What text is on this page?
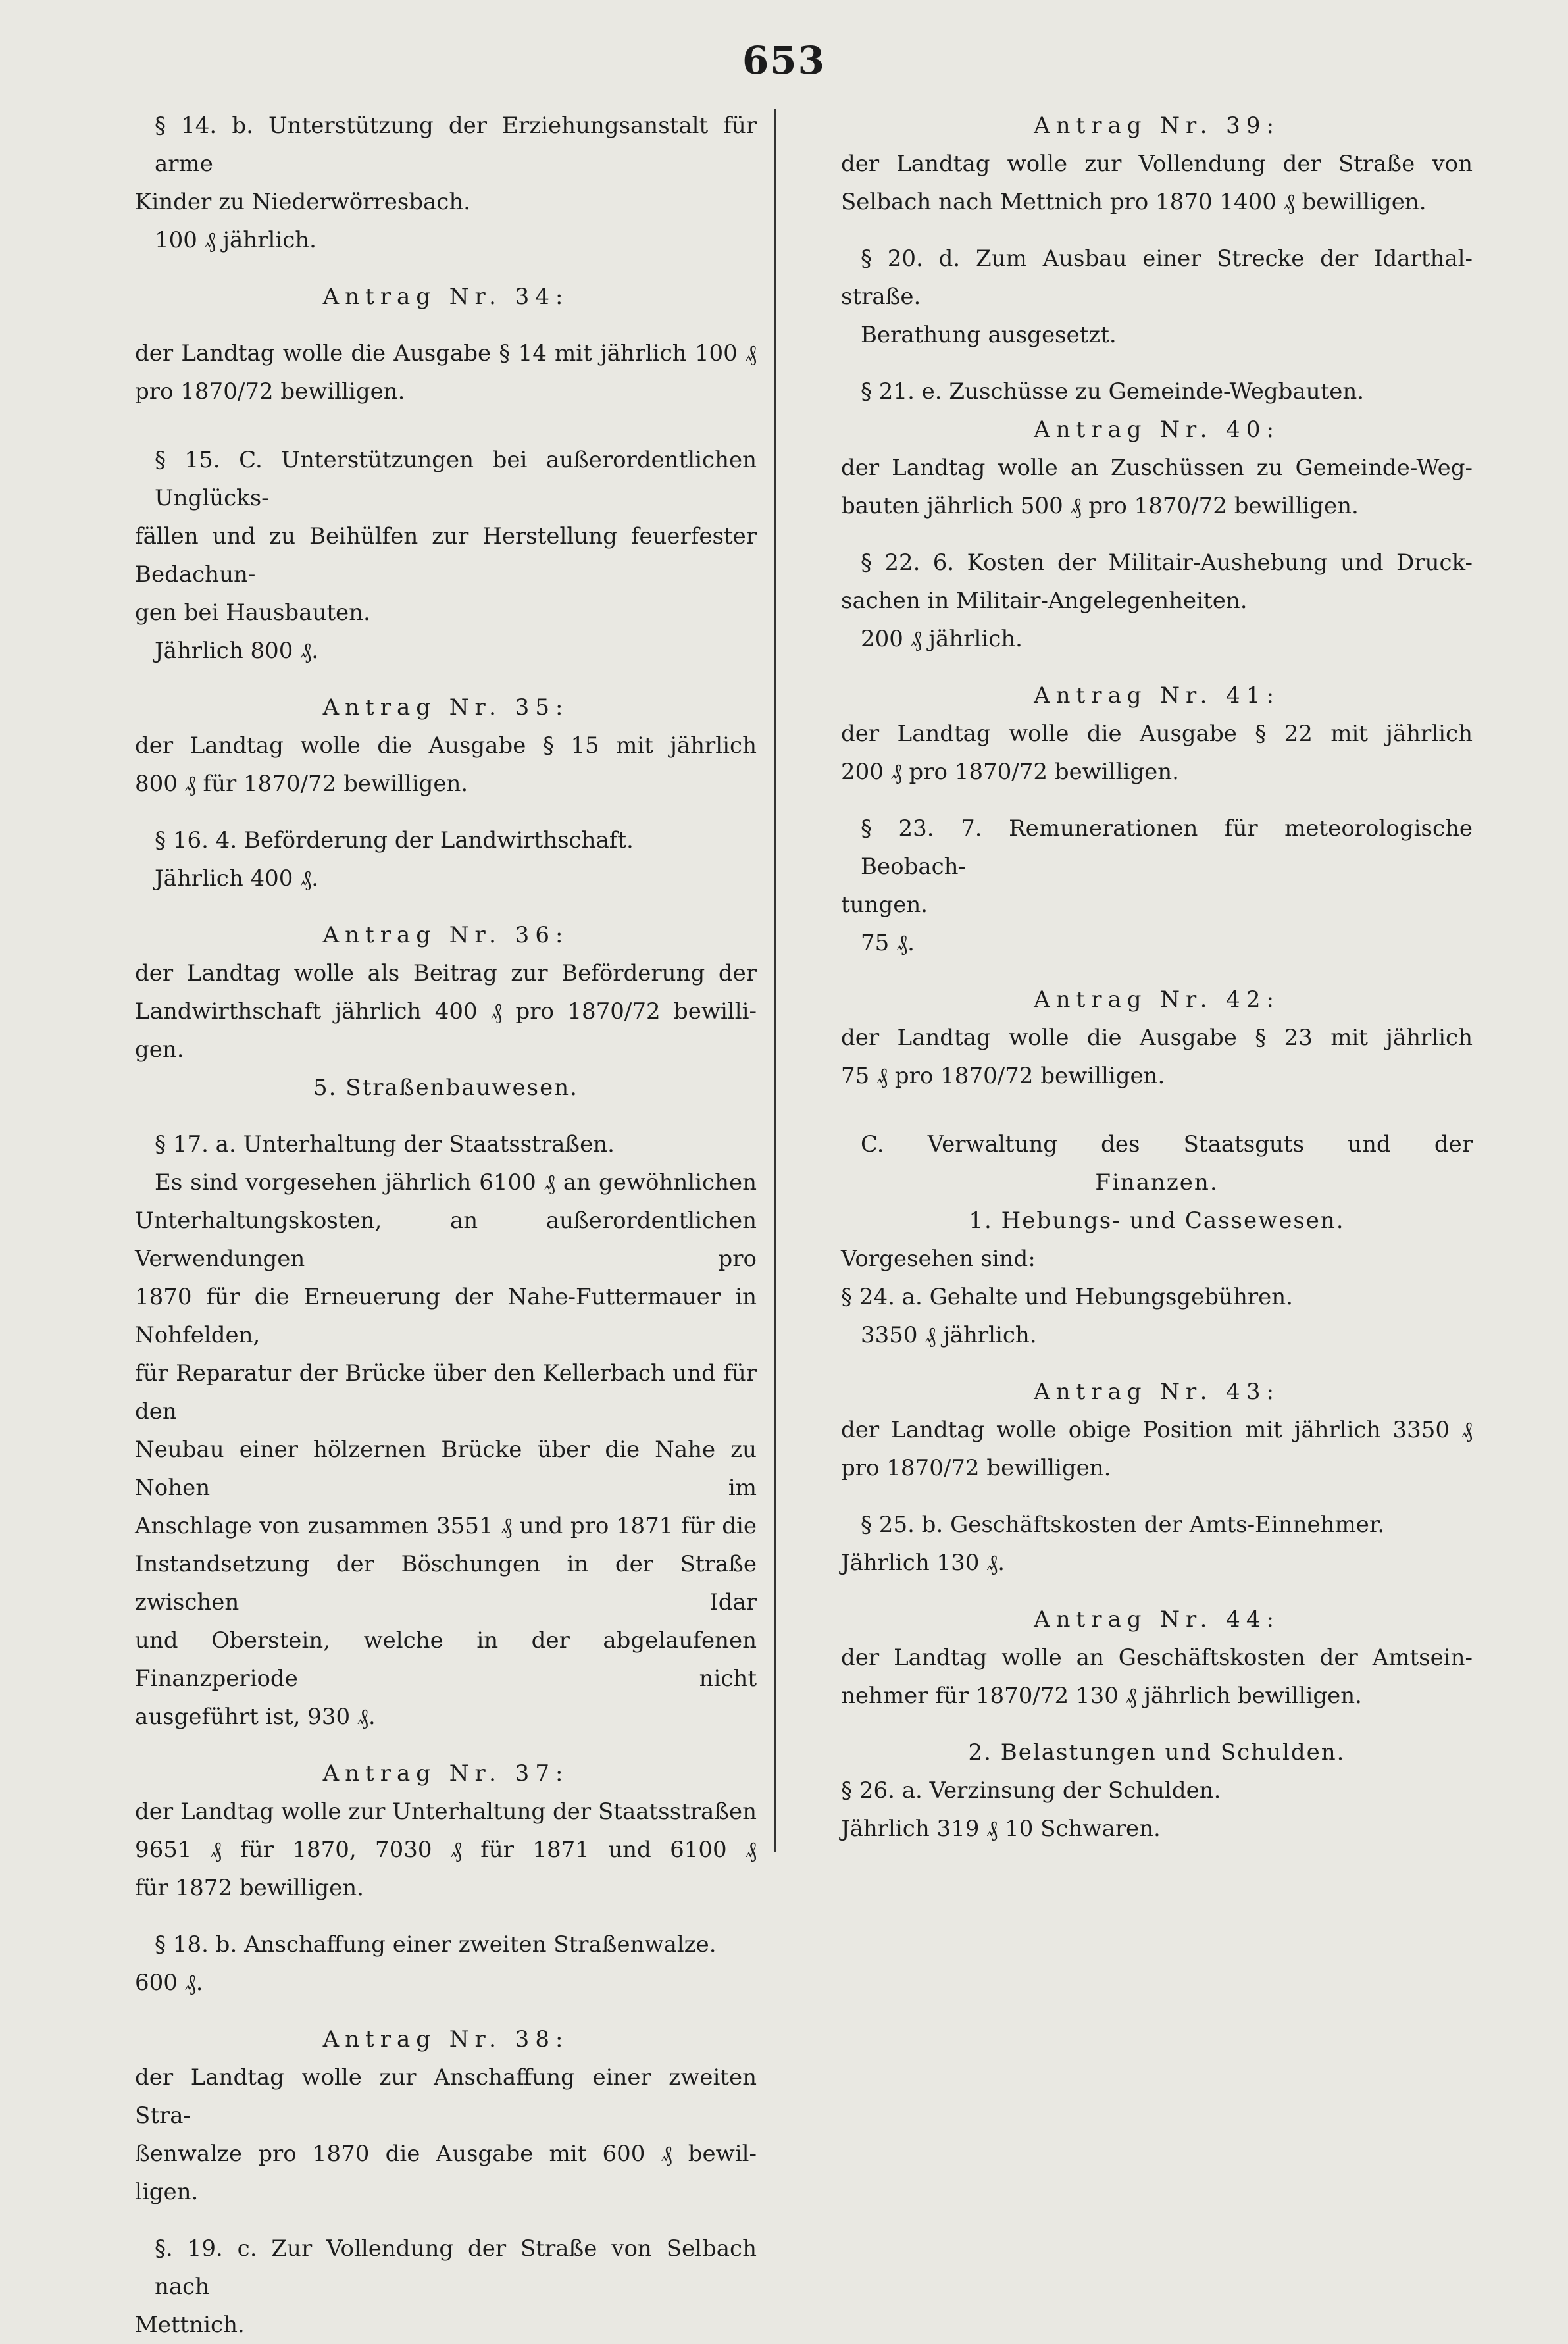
653

§ 14. b. Unterstützung der Erziehungsanstalt für arme

Kinder zu Niederwörresbach.

100 ₰ jährlich.

Antrag Nr. 34:

der Landtag wolle die Ausgabe § 14 mit jährlich 100 ₰

pro 1870/72 bewilligen.

§ 15. C. Unterstützungen bei außerordentlichen Unglücks-

fällen und zu Beihülfen zur Herstellung feuerfester Bedachun-

gen bei Hausbauten.

Jährlich 800 ₰.

Antrag Nr. 35:

der Landtag wolle die Ausgabe § 15 mit jährlich

800 ₰ für 1870/72 bewilligen.

§ 16. 4. Beförderung der Landwirthschaft.

Jährlich 400 ₰.

Antrag Nr. 36:

der Landtag wolle als Beitrag zur Beförderung der

Landwirthschaft jährlich 400 ₰ pro 1870/72 bewilli-

gen.

5. Straßenbauwesen.

§ 17. a. Unterhaltung der Staatsstraßen.

Es sind vorgesehen jährlich 6100 ₰ an gewöhnlichen

Unterhaltungskosten, an außerordentlichen Verwendungen pro

1870 für die Erneuerung der Nahe-Futtermauer in Nohfelden,

für Reparatur der Brücke über den Kellerbach und für den

Neubau einer hölzernen Brücke über die Nahe zu Nohen im

Anschlage von zusammen 3551 ₰ und pro 1871 für die

Instandsetzung der Böschungen in der Straße zwischen Idar

und Oberstein, welche in der abgelaufenen Finanzperiode nicht

ausgeführt ist, 930 ₰.

Antrag Nr. 37:

der Landtag wolle zur Unterhaltung der Staatsstraßen

9651 ₰ für 1870, 7030 ₰ für 1871 und 6100 ₰

für 1872 bewilligen.

§ 18. b. Anschaffung einer zweiten Straßenwalze.

600 ₰.

Antrag Nr. 38:

der Landtag wolle zur Anschaffung einer zweiten Stra-

ßenwalze pro 1870 die Ausgabe mit 600 ₰ bewil-

ligen.

§. 19. c. Zur Vollendung der Straße von Selbach nach

Mettnich.

Antrag Nr. 39:

der Landtag wolle zur Vollendung der Straße von

Selbach nach Mettnich pro 1870 1400 ₰ bewilligen.

§ 20. d. Zum Ausbau einer Strecke der Idarthal-

straße.

Berathung ausgesetzt.

§ 21. e. Zuschüsse zu Gemeinde-Wegbauten.

Antrag Nr. 40:

der Landtag wolle an Zuschüssen zu Gemeinde-Weg-

bauten jährlich 500 ₰ pro 1870/72 bewilligen.

§ 22. 6. Kosten der Militair-Aushebung und Druck-

sachen in Militair-Angelegenheiten.

200 ₰ jährlich.

Antrag Nr. 41:

der Landtag wolle die Ausgabe § 22 mit jährlich

200 ₰ pro 1870/72 bewilligen.

§ 23. 7. Remunerationen für meteorologische Beobach-

tungen.

75 ₰.

Antrag Nr. 42:

der Landtag wolle die Ausgabe § 23 mit jährlich

75 ₰ pro 1870/72 bewilligen.

C. Verwaltung des Staatsguts und der

Finanzen.

1. Hebungs- und Cassewesen.

Vorgesehen sind:

§ 24. a. Gehalte und Hebungsgebühren.

3350 ₰ jährlich.

Antrag Nr. 43:

der Landtag wolle obige Position mit jährlich 3350 ₰

pro 1870/72 bewilligen.

§ 25. b. Geschäftskosten der Amts-Einnehmer.

Jährlich 130 ₰.

Antrag Nr. 44:

der Landtag wolle an Geschäftskosten der Amtsein-

nehmer für 1870/72 130 ₰ jährlich bewilligen.

2. Belastungen und Schulden.

§ 26. a. Verzinsung der Schulden.

Jährlich 319 ₰ 10 Schwaren.
